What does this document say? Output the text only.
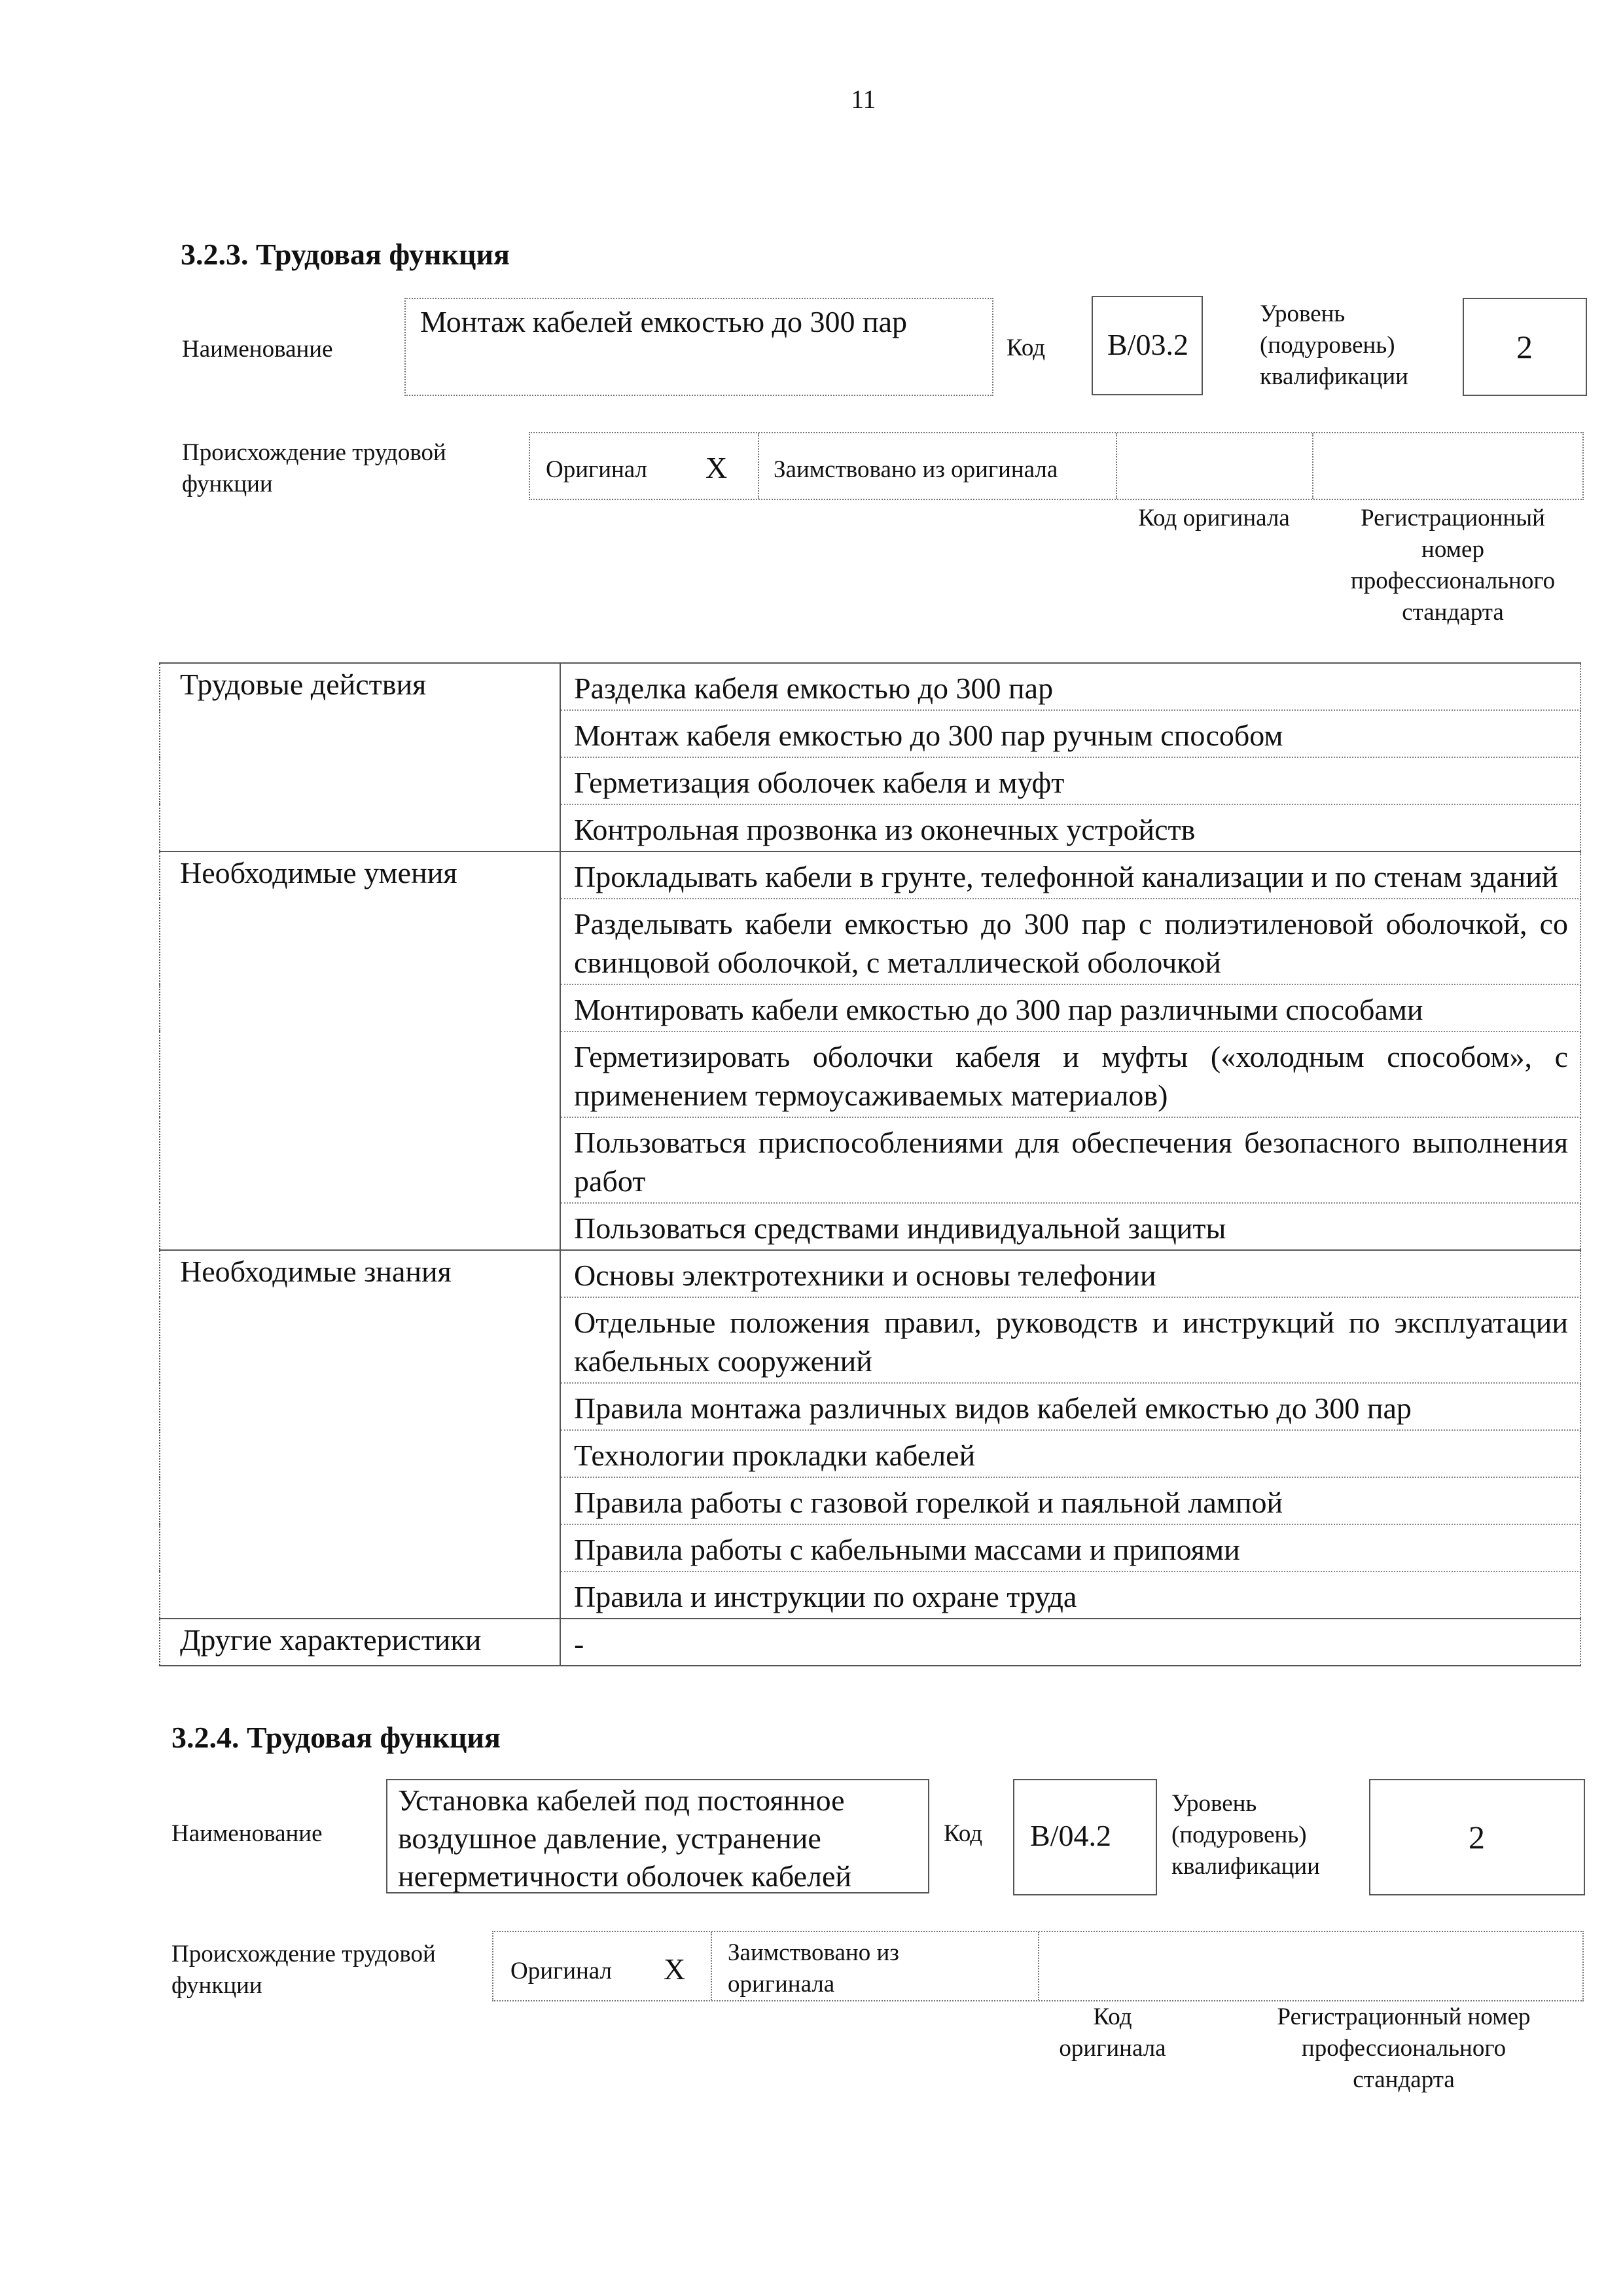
11
3.2.3. Трудовая функция
Наименование
Монтаж кабелей емкостью до 300 пар
Код B/03.2
Уровень (подуровень) квалификации
2
Происхождение трудовой функции
Оригинал X Заимствовано из оригинала
Код оригинала	Регистрационный номер профессионального стандарта
Трудовые действия	Разделка кабеля емкостью до 300 пар
	Монтаж кабеля емкостью до 300 пар ручным способом
	Герметизация оболочек кабеля и муфт
	Контрольная прозвонка из оконечных устройств
Необходимые умения	Прокладывать кабели в грунте, телефонной канализации и по стенам зданий
	Разделывать кабели емкостью до 300 пар с полиэтиленовой оболочкой, со свинцовой оболочкой, с металлической оболочкой
	Монтировать кабели емкостью до 300 пар различными способами
	Герметизировать оболочки кабеля и муфты («холодным способом», с применением термоусаживаемых материалов)
	Пользоваться приспособлениями для обеспечения безопасного выполнения работ
	Пользоваться средствами индивидуальной защиты
Необходимые знания	Основы электротехники и основы телефонии
	Отдельные положения правил, руководств и инструкций по эксплуатации кабельных сооружений
	Правила монтажа различных видов кабелей емкостью до 300 пар
	Технологии прокладки кабелей
	Правила работы с газовой горелкой и паяльной лампой
	Правила работы с кабельными массами и припоями
	Правила и инструкции по охране труда
Другие характеристики	-
3.2.4. Трудовая функция
Наименование
Установка кабелей под постоянное воздушное давление, устранение негерметичности оболочек кабелей
Код B/04.2
Уровень (подуровень) квалификации
2
Происхождение трудовой функции
Оригинал X Заимствовано из оригинала
Код оригинала
Регистрационный номер профессионального стандарта
